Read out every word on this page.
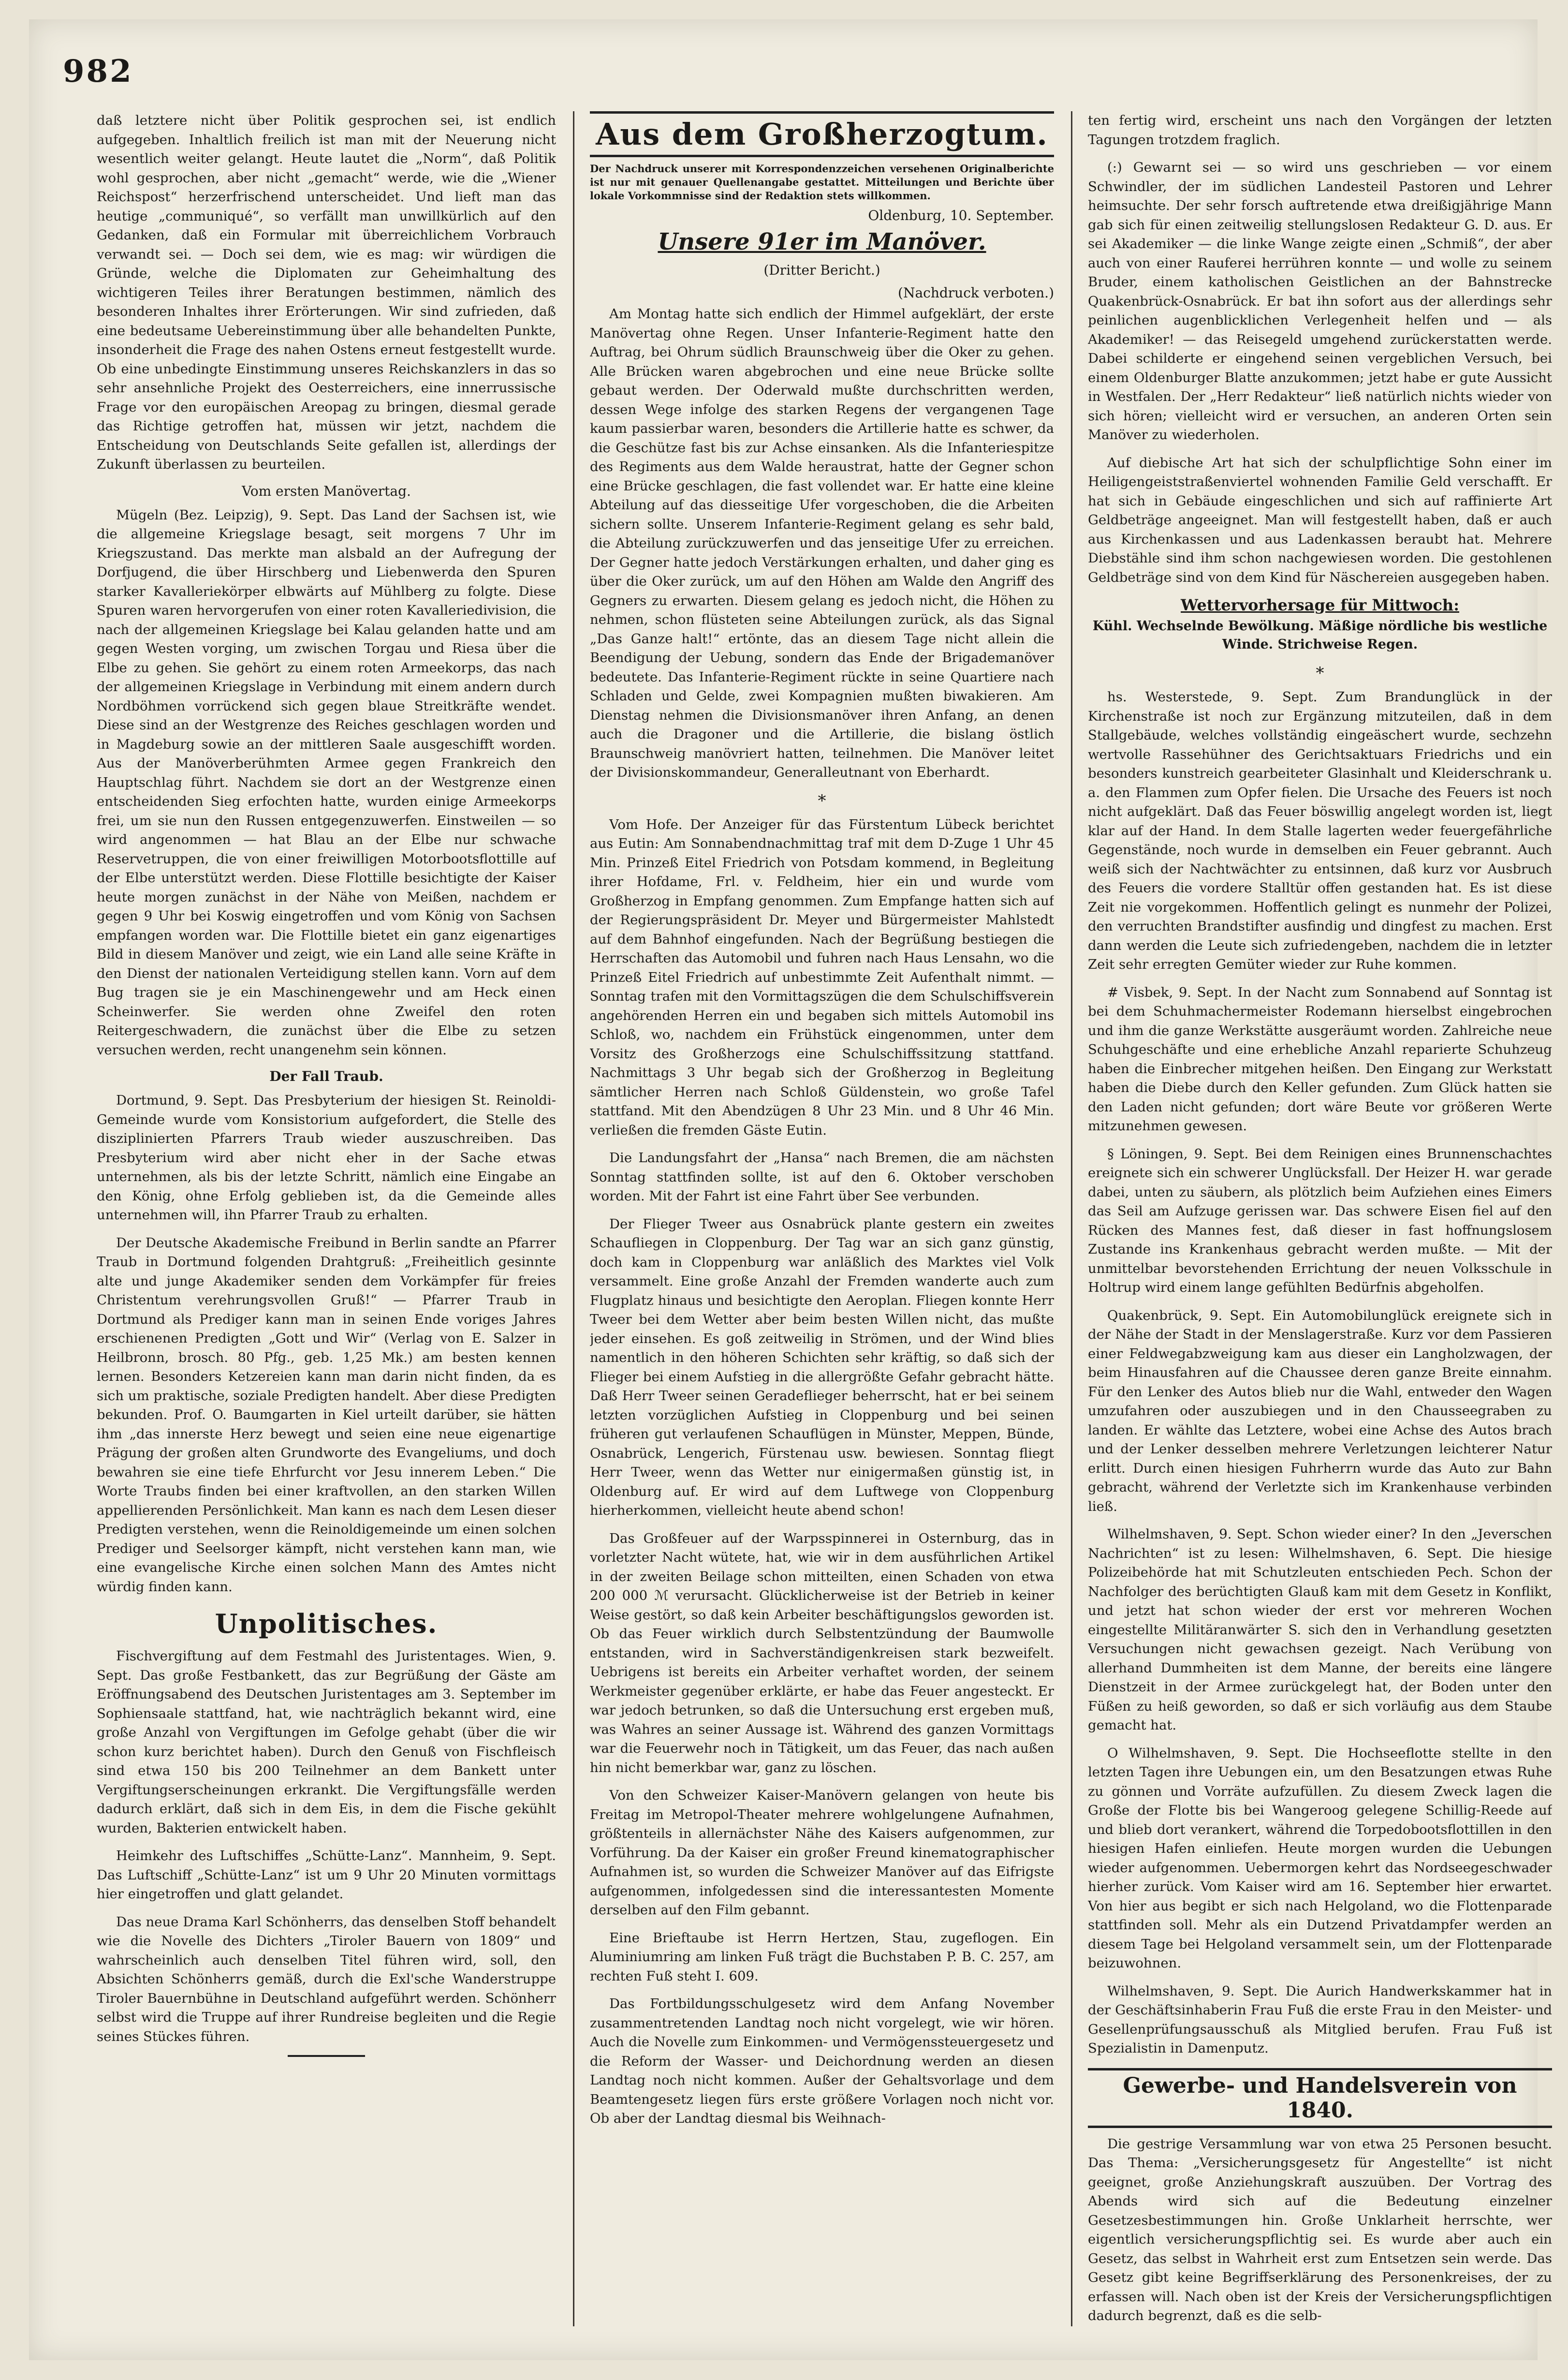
982

daß letztere nicht über Politik gesprochen sei, ist endlich aufgegeben. Inhaltlich freilich ist man mit der Neuerung nicht wesentlich weiter gelangt. Heute lautet die „Norm“, daß Politik wohl gesprochen, aber nicht „gemacht“ werde, wie die „Wiener Reichspost“ herzerfrischend unterscheidet. Und lieft man das heutige „communiqué“, so verfällt man unwillkürlich auf den Gedanken, daß ein Formular mit überreichlichem Vorbrauch verwandt sei. — Doch sei dem, wie es mag: wir würdigen die Gründe, welche die Diplomaten zur Geheimhaltung des wichtigeren Teiles ihrer Beratungen bestimmen, nämlich des besonderen Inhaltes ihrer Erörterungen. Wir sind zufrieden, daß eine bedeutsame Uebereinstimmung über alle behandelten Punkte, insonderheit die Frage des nahen Ostens erneut festgestellt wurde. Ob eine unbedingte Einstimmung unseres Reichskanzlers in das so sehr ansehnliche Projekt des Oesterreichers, eine innerrussische Frage vor den europäischen Areopag zu bringen, diesmal gerade das Richtige getroffen hat, müssen wir jetzt, nachdem die Entscheidung von Deutschlands Seite gefallen ist, allerdings der Zukunft überlassen zu beurteilen.

Vom ersten Manövertag.

Mügeln (Bez. Leipzig), 9. Sept. Das Land der Sachsen ist, wie die allgemeine Kriegslage besagt, seit morgens 7 Uhr im Kriegszustand. Das merkte man alsbald an der Aufregung der Dorfjugend, die über Hirschberg und Liebenwerda den Spuren starker Kavalleriekörper elbwärts auf Mühlberg zu folgte. Diese Spuren waren hervorgerufen von einer roten Kavalleriedivision, die nach der allgemeinen Kriegslage bei Kalau gelanden hatte und am gegen Westen vorging, um zwischen Torgau und Riesa über die Elbe zu gehen. Sie gehört zu einem roten Armeekorps, das nach der allgemeinen Kriegslage in Verbindung mit einem andern durch Nordböhmen vorrückend sich gegen blaue Streitkräfte wendet. Diese sind an der Westgrenze des Reiches geschlagen worden und in Magdeburg sowie an der mittleren Saale ausgeschifft worden. Aus der Manöverberühmten Armee gegen Frankreich den Hauptschlag führt. Nachdem sie dort an der Westgrenze einen entscheidenden Sieg erfochten hatte, wurden einige Armeekorps frei, um sie nun den Russen entgegenzuwerfen. Einstweilen — so wird angenommen — hat Blau an der Elbe nur schwache Reservetruppen, die von einer freiwilligen Motorbootsflottille auf der Elbe unterstützt werden. Diese Flottille besichtigte der Kaiser heute morgen zunächst in der Nähe von Meißen, nachdem er gegen 9 Uhr bei Koswig eingetroffen und vom König von Sachsen empfangen worden war. Die Flottille bietet ein ganz eigenartiges Bild in diesem Manöver und zeigt, wie ein Land alle seine Kräfte in den Dienst der nationalen Verteidigung stellen kann. Vorn auf dem Bug tragen sie je ein Maschinengewehr und am Heck einen Scheinwerfer. Sie werden ohne Zweifel den roten Reitergeschwadern, die zunächst über die Elbe zu setzen versuchen werden, recht unangenehm sein können.

Der Fall Traub.

Dortmund, 9. Sept. Das Presbyterium der hiesigen St. Reinoldi-Gemeinde wurde vom Konsistorium aufgefordert, die Stelle des disziplinierten Pfarrers Traub wieder auszuschreiben. Das Presbyterium wird aber nicht eher in der Sache etwas unternehmen, als bis der letzte Schritt, nämlich eine Eingabe an den König, ohne Erfolg geblieben ist, da die Gemeinde alles unternehmen will, ihn Pfarrer Traub zu erhalten.

Der Deutsche Akademische Freibund in Berlin sandte an Pfarrer Traub in Dortmund folgenden Drahtgruß: „Freiheitlich gesinnte alte und junge Akademiker senden dem Vorkämpfer für freies Christentum verehrungsvollen Gruß!“ — Pfarrer Traub in Dortmund als Prediger kann man in seinen Ende voriges Jahres erschienenen Predigten „Gott und Wir“ (Verlag von E. Salzer in Heilbronn, brosch. 80 Pfg., geb. 1,25 Mk.) am besten kennen lernen. Besonders Ketzereien kann man darin nicht finden, da es sich um praktische, soziale Predigten handelt. Aber diese Predigten bekunden. Prof. O. Baumgarten in Kiel urteilt darüber, sie hätten ihm „das innerste Herz bewegt und seien eine neue eigenartige Prägung der großen alten Grundworte des Evangeliums, und doch bewahren sie eine tiefe Ehrfurcht vor Jesu innerem Leben.“ Die Worte Traubs finden bei einer kraftvollen, an den starken Willen appellierenden Persönlichkeit. Man kann es nach dem Lesen dieser Predigten verstehen, wenn die Reinoldigemeinde um einen solchen Prediger und Seelsorger kämpft, nicht verstehen kann man, wie eine evangelische Kirche einen solchen Mann des Amtes nicht würdig finden kann.

Unpolitisches.

Fischvergiftung auf dem Festmahl des Juristentages. Wien, 9. Sept. Das große Festbankett, das zur Begrüßung der Gäste am Eröffnungsabend des Deutschen Juristentages am 3. September im Sophiensaale stattfand, hat, wie nachträglich bekannt wird, eine große Anzahl von Vergiftungen im Gefolge gehabt (über die wir schon kurz berichtet haben). Durch den Genuß von Fischfleisch sind etwa 150 bis 200 Teilnehmer an dem Bankett unter Vergiftungserscheinungen erkrankt. Die Vergiftungsfälle werden dadurch erklärt, daß sich in dem Eis, in dem die Fische gekühlt wurden, Bakterien entwickelt haben.

Heimkehr des Luftschiffes „Schütte-Lanz“. Mannheim, 9. Sept. Das Luftschiff „Schütte-Lanz“ ist um 9 Uhr 20 Minuten vormittags hier eingetroffen und glatt gelandet.

Das neue Drama Karl Schönherrs, das denselben Stoff behandelt wie die Novelle des Dichters „Tiroler Bauern von 1809“ und wahrscheinlich auch denselben Titel führen wird, soll, den Absichten Schönherrs gemäß, durch die Exl'sche Wanderstruppe Tiroler Bauernbühne in Deutschland aufgeführt werden. Schönherr selbst wird die Truppe auf ihrer Rundreise begleiten und die Regie seines Stückes führen.

Aus dem Großherzogtum.
Der Nachdruck unserer mit Korrespondenzzeichen versehenen Originalberichte ist nur mit genauer Quellenangabe gestattet. Mitteilungen und Berichte über lokale Vorkommnisse sind der Redaktion stets willkommen.
Oldenburg, 10. September.
Unsere 91er im Manöver.
(Dritter Bericht.)
(Nachdruck verboten.)

Am Montag hatte sich endlich der Himmel aufgeklärt, der erste Manövertag ohne Regen. Unser Infanterie-Regiment hatte den Auftrag, bei Ohrum südlich Braunschweig über die Oker zu gehen. Alle Brücken waren abgebrochen und eine neue Brücke sollte gebaut werden. Der Oderwald mußte durchschritten werden, dessen Wege infolge des starken Regens der vergangenen Tage kaum passierbar waren, besonders die Artillerie hatte es schwer, da die Geschütze fast bis zur Achse einsanken. Als die Infanteriespitze des Regiments aus dem Walde heraustrat, hatte der Gegner schon eine Brücke geschlagen, die fast vollendet war. Er hatte eine kleine Abteilung auf das diesseitige Ufer vorgeschoben, die die Arbeiten sichern sollte. Unserem Infanterie-Regiment gelang es sehr bald, die Abteilung zurückzuwerfen und das jenseitige Ufer zu erreichen. Der Gegner hatte jedoch Verstärkungen erhalten, und daher ging es über die Oker zurück, um auf den Höhen am Walde den Angriff des Gegners zu erwarten. Diesem gelang es jedoch nicht, die Höhen zu nehmen, schon flüsteten seine Abteilungen zurück, als das Signal „Das Ganze halt!“ ertönte, das an diesem Tage nicht allein die Beendigung der Uebung, sondern das Ende der Brigademanöver bedeutete. Das Infanterie-Regiment rückte in seine Quartiere nach Schladen und Gelde, zwei Kompagnien mußten biwakieren. Am Dienstag nehmen die Divisionsmanöver ihren Anfang, an denen auch die Dragoner und die Artillerie, die bislang östlich Braunschweig manövriert hatten, teilnehmen. Die Manöver leitet der Divisionskommandeur, Generalleutnant von Eberhardt.

*

Vom Hofe. Der Anzeiger für das Fürstentum Lübeck berichtet aus Eutin: Am Sonnabendnachmittag traf mit dem D-Zuge 1 Uhr 45 Min. Prinzeß Eitel Friedrich von Potsdam kommend, in Begleitung ihrer Hofdame, Frl. v. Feldheim, hier ein und wurde vom Großherzog in Empfang genommen. Zum Empfange hatten sich auf der Regierungspräsident Dr. Meyer und Bürgermeister Mahlstedt auf dem Bahnhof eingefunden. Nach der Begrüßung bestiegen die Herrschaften das Automobil und fuhren nach Haus Lensahn, wo die Prinzeß Eitel Friedrich auf unbestimmte Zeit Aufenthalt nimmt. — Sonntag trafen mit den Vormittagszügen die dem Schulschiffsverein angehörenden Herren ein und begaben sich mittels Automobil ins Schloß, wo, nachdem ein Frühstück eingenommen, unter dem Vorsitz des Großherzogs eine Schulschiffssitzung stattfand. Nachmittags 3 Uhr begab sich der Großherzog in Begleitung sämtlicher Herren nach Schloß Güldenstein, wo große Tafel stattfand. Mit den Abendzügen 8 Uhr 23 Min. und 8 Uhr 46 Min. verließen die fremden Gäste Eutin.

Die Landungsfahrt der „Hansa“ nach Bremen, die am nächsten Sonntag stattfinden sollte, ist auf den 6. Oktober verschoben worden. Mit der Fahrt ist eine Fahrt über See verbunden.

Der Flieger Tweer aus Osnabrück plante gestern ein zweites Schaufliegen in Cloppenburg. Der Tag war an sich ganz günstig, doch kam in Cloppenburg war anläßlich des Marktes viel Volk versammelt. Eine große Anzahl der Fremden wanderte auch zum Flugplatz hinaus und besichtigte den Aeroplan. Fliegen konnte Herr Tweer bei dem Wetter aber beim besten Willen nicht, das mußte jeder einsehen. Es goß zeitweilig in Strömen, und der Wind blies namentlich in den höheren Schichten sehr kräftig, so daß sich der Flieger bei einem Aufstieg in die allergrößte Gefahr gebracht hätte. Daß Herr Tweer seinen Geradeflieger beherrscht, hat er bei seinem letzten vorzüglichen Aufstieg in Cloppenburg und bei seinen früheren gut verlaufenen Schauflügen in Münster, Meppen, Bünde, Osnabrück, Lengerich, Fürstenau usw. bewiesen. Sonntag fliegt Herr Tweer, wenn das Wetter nur einigermaßen günstig ist, in Oldenburg auf. Er wird auf dem Luftwege von Cloppenburg hierherkommen, vielleicht heute abend schon!

Das Großfeuer auf der Warpsspinnerei in Osternburg, das in vorletzter Nacht wütete, hat, wie wir in dem ausführlichen Artikel in der zweiten Beilage schon mitteilten, einen Schaden von etwa 200 000 ℳ verursacht. Glücklicherweise ist der Betrieb in keiner Weise gestört, so daß kein Arbeiter beschäftigungslos geworden ist. Ob das Feuer wirklich durch Selbstentzündung der Baumwolle entstanden, wird in Sachverständigenkreisen stark bezweifelt. Uebrigens ist bereits ein Arbeiter verhaftet worden, der seinem Werkmeister gegenüber erklärte, er habe das Feuer angesteckt. Er war jedoch betrunken, so daß die Untersuchung erst ergeben muß, was Wahres an seiner Aussage ist. Während des ganzen Vormittags war die Feuerwehr noch in Tätigkeit, um das Feuer, das nach außen hin nicht bemerkbar war, ganz zu löschen.

Von den Schweizer Kaiser-Manövern gelangen von heute bis Freitag im Metropol-Theater mehrere wohlgelungene Aufnahmen, größtenteils in allernächster Nähe des Kaisers aufgenommen, zur Vorführung. Da der Kaiser ein großer Freund kinematographischer Aufnahmen ist, so wurden die Schweizer Manöver auf das Eifrigste aufgenommen, infolgedessen sind die interessantesten Momente derselben auf den Film gebannt.

Eine Brieftaube ist Herrn Hertzen, Stau, zugeflogen. Ein Aluminiumring am linken Fuß trägt die Buchstaben P. B. C. 257, am rechten Fuß steht I. 609.

Das Fortbildungsschulgesetz wird dem Anfang November zusammentretenden Landtag noch nicht vorgelegt, wie wir hören. Auch die Novelle zum Einkommen- und Vermögenssteuergesetz und die Reform der Wasser- und Deichordnung werden an diesen Landtag noch nicht kommen. Außer der Gehaltsvorlage und dem Beamtengesetz liegen fürs erste größere Vorlagen noch nicht vor. Ob aber der Landtag diesmal bis Weihnach-

ten fertig wird, erscheint uns nach den Vorgängen der letzten Tagungen trotzdem fraglich.

(:) Gewarnt sei — so wird uns geschrieben — vor einem Schwindler, der im südlichen Landesteil Pastoren und Lehrer heimsuchte. Der sehr forsch auftretende etwa dreißigjährige Mann gab sich für einen zeitweilig stellungslosen Redakteur G. D. aus. Er sei Akademiker — die linke Wange zeigte einen „Schmiß“, der aber auch von einer Rauferei herrühren konnte — und wolle zu seinem Bruder, einem katholischen Geistlichen an der Bahnstrecke Quakenbrück-Osnabrück. Er bat ihn sofort aus der allerdings sehr peinlichen augenblicklichen Verlegenheit helfen und — als Akademiker! — das Reisegeld umgehend zurückerstatten werde. Dabei schilderte er eingehend seinen vergeblichen Versuch, bei einem Oldenburger Blatte anzukommen; jetzt habe er gute Aussicht in Westfalen. Der „Herr Redakteur“ ließ natürlich nichts wieder von sich hören; vielleicht wird er versuchen, an anderen Orten sein Manöver zu wiederholen.

Auf diebische Art hat sich der schulpflichtige Sohn einer im Heiligengeiststraßenviertel wohnenden Familie Geld verschafft. Er hat sich in Gebäude eingeschlichen und sich auf raffinierte Art Geldbeträge angeeignet. Man will festgestellt haben, daß er auch aus Kirchenkassen und aus Ladenkassen beraubt hat. Mehrere Diebstähle sind ihm schon nachgewiesen worden. Die gestohlenen Geldbeträge sind von dem Kind für Näschereien ausgegeben haben.

Wettervorhersage für Mittwoch:
Kühl. Wechselnde Bewölkung. Mäßige nördliche bis westliche Winde. Strichweise Regen.
*

hs. Westerstede, 9. Sept. Zum Brandunglück in der Kirchenstraße ist noch zur Ergänzung mitzuteilen, daß in dem Stallgebäude, welches vollständig eingeäschert wurde, sechzehn wertvolle Rassehühner des Gerichtsaktuars Friedrichs und ein besonders kunstreich gearbeiteter Glasinhalt und Kleiderschrank u. a. den Flammen zum Opfer fielen. Die Ursache des Feuers ist noch nicht aufgeklärt. Daß das Feuer böswillig angelegt worden ist, liegt klar auf der Hand. In dem Stalle lagerten weder feuergefährliche Gegenstände, noch wurde in demselben ein Feuer gebrannt. Auch weiß sich der Nachtwächter zu entsinnen, daß kurz vor Ausbruch des Feuers die vordere Stalltür offen gestanden hat. Es ist diese Zeit nie vorgekommen. Hoffentlich gelingt es nunmehr der Polizei, den verruchten Brandstifter ausfindig und dingfest zu machen. Erst dann werden die Leute sich zufriedengeben, nachdem die in letzter Zeit sehr erregten Gemüter wieder zur Ruhe kommen.

# Visbek, 9. Sept. In der Nacht zum Sonnabend auf Sonntag ist bei dem Schuhmachermeister Rodemann hierselbst eingebrochen und ihm die ganze Werkstätte ausgeräumt worden. Zahlreiche neue Schuhgeschäfte und eine erhebliche Anzahl reparierte Schuhzeug haben die Einbrecher mitgehen heißen. Den Eingang zur Werkstatt haben die Diebe durch den Keller gefunden. Zum Glück hatten sie den Laden nicht gefunden; dort wäre Beute vor größeren Werte mitzunehmen gewesen.

§ Löningen, 9. Sept. Bei dem Reinigen eines Brunnenschachtes ereignete sich ein schwerer Unglücksfall. Der Heizer H. war gerade dabei, unten zu säubern, als plötzlich beim Aufziehen eines Eimers das Seil am Aufzuge gerissen war. Das schwere Eisen fiel auf den Rücken des Mannes fest, daß dieser in fast hoffnungslosem Zustande ins Krankenhaus gebracht werden mußte. — Mit der unmittelbar bevorstehenden Errichtung der neuen Volksschule in Holtrup wird einem lange gefühlten Bedürfnis abgeholfen.

Quakenbrück, 9. Sept. Ein Automobilunglück ereignete sich in der Nähe der Stadt in der Menslagerstraße. Kurz vor dem Passieren einer Feldwegabzweigung kam aus dieser ein Langholzwagen, der beim Hinausfahren auf die Chaussee deren ganze Breite einnahm. Für den Lenker des Autos blieb nur die Wahl, entweder den Wagen umzufahren oder auszubiegen und in den Chausseegraben zu landen. Er wählte das Letztere, wobei eine Achse des Autos brach und der Lenker desselben mehrere Verletzungen leichterer Natur erlitt. Durch einen hiesigen Fuhrherrn wurde das Auto zur Bahn gebracht, während der Verletzte sich im Krankenhause verbinden ließ.

Wilhelmshaven, 9. Sept. Schon wieder einer? In den „Jeverschen Nachrichten“ ist zu lesen: Wilhelmshaven, 6. Sept. Die hiesige Polizeibehörde hat mit Schutzleuten entschieden Pech. Schon der Nachfolger des berüchtigten Glauß kam mit dem Gesetz in Konflikt, und jetzt hat schon wieder der erst vor mehreren Wochen eingestellte Militäranwärter S. sich den in Verhandlung gesetzten Versuchungen nicht gewachsen gezeigt. Nach Verübung von allerhand Dummheiten ist dem Manne, der bereits eine längere Dienstzeit in der Armee zurückgelegt hat, der Boden unter den Füßen zu heiß geworden, so daß er sich vorläufig aus dem Staube gemacht hat.

O Wilhelmshaven, 9. Sept. Die Hochseeflotte stellte in den letzten Tagen ihre Uebungen ein, um den Besatzungen etwas Ruhe zu gönnen und Vorräte aufzufüllen. Zu diesem Zweck lagen die Große der Flotte bis bei Wangeroog gelegene Schillig-Reede auf und blieb dort verankert, während die Torpedobootsflottillen in den hiesigen Hafen einliefen. Heute morgen wurden die Uebungen wieder aufgenommen. Uebermorgen kehrt das Nordseegeschwader hierher zurück. Vom Kaiser wird am 16. September hier erwartet. Von hier aus begibt er sich nach Helgoland, wo die Flottenparade stattfinden soll. Mehr als ein Dutzend Privatdampfer werden an diesem Tage bei Helgoland versammelt sein, um der Flottenparade beizuwohnen.

Wilhelmshaven, 9. Sept. Die Aurich Handwerkskammer hat in der Geschäftsinhaberin Frau Fuß die erste Frau in den Meister- und Gesellenprüfungsausschuß als Mitglied berufen. Frau Fuß ist Spezialistin in Damenputz.

Gewerbe- und Handelsverein von 1840.

Die gestrige Versammlung war von etwa 25 Personen besucht. Das Thema: „Versicherungsgesetz für Angestellte“ ist nicht geeignet, große Anziehungskraft auszuüben. Der Vortrag des Abends wird sich auf die Bedeutung einzelner Gesetzesbestimmungen hin. Große Unklarheit herrschte, wer eigentlich versicherungspflichtig sei. Es wurde aber auch ein Gesetz, das selbst in Wahrheit erst zum Entsetzen sein werde. Das Gesetz gibt keine Begriffserklärung des Personenkreises, der zu erfassen will. Nach oben ist der Kreis der Versicherungspflichtigen dadurch begrenzt, daß es die selb-
